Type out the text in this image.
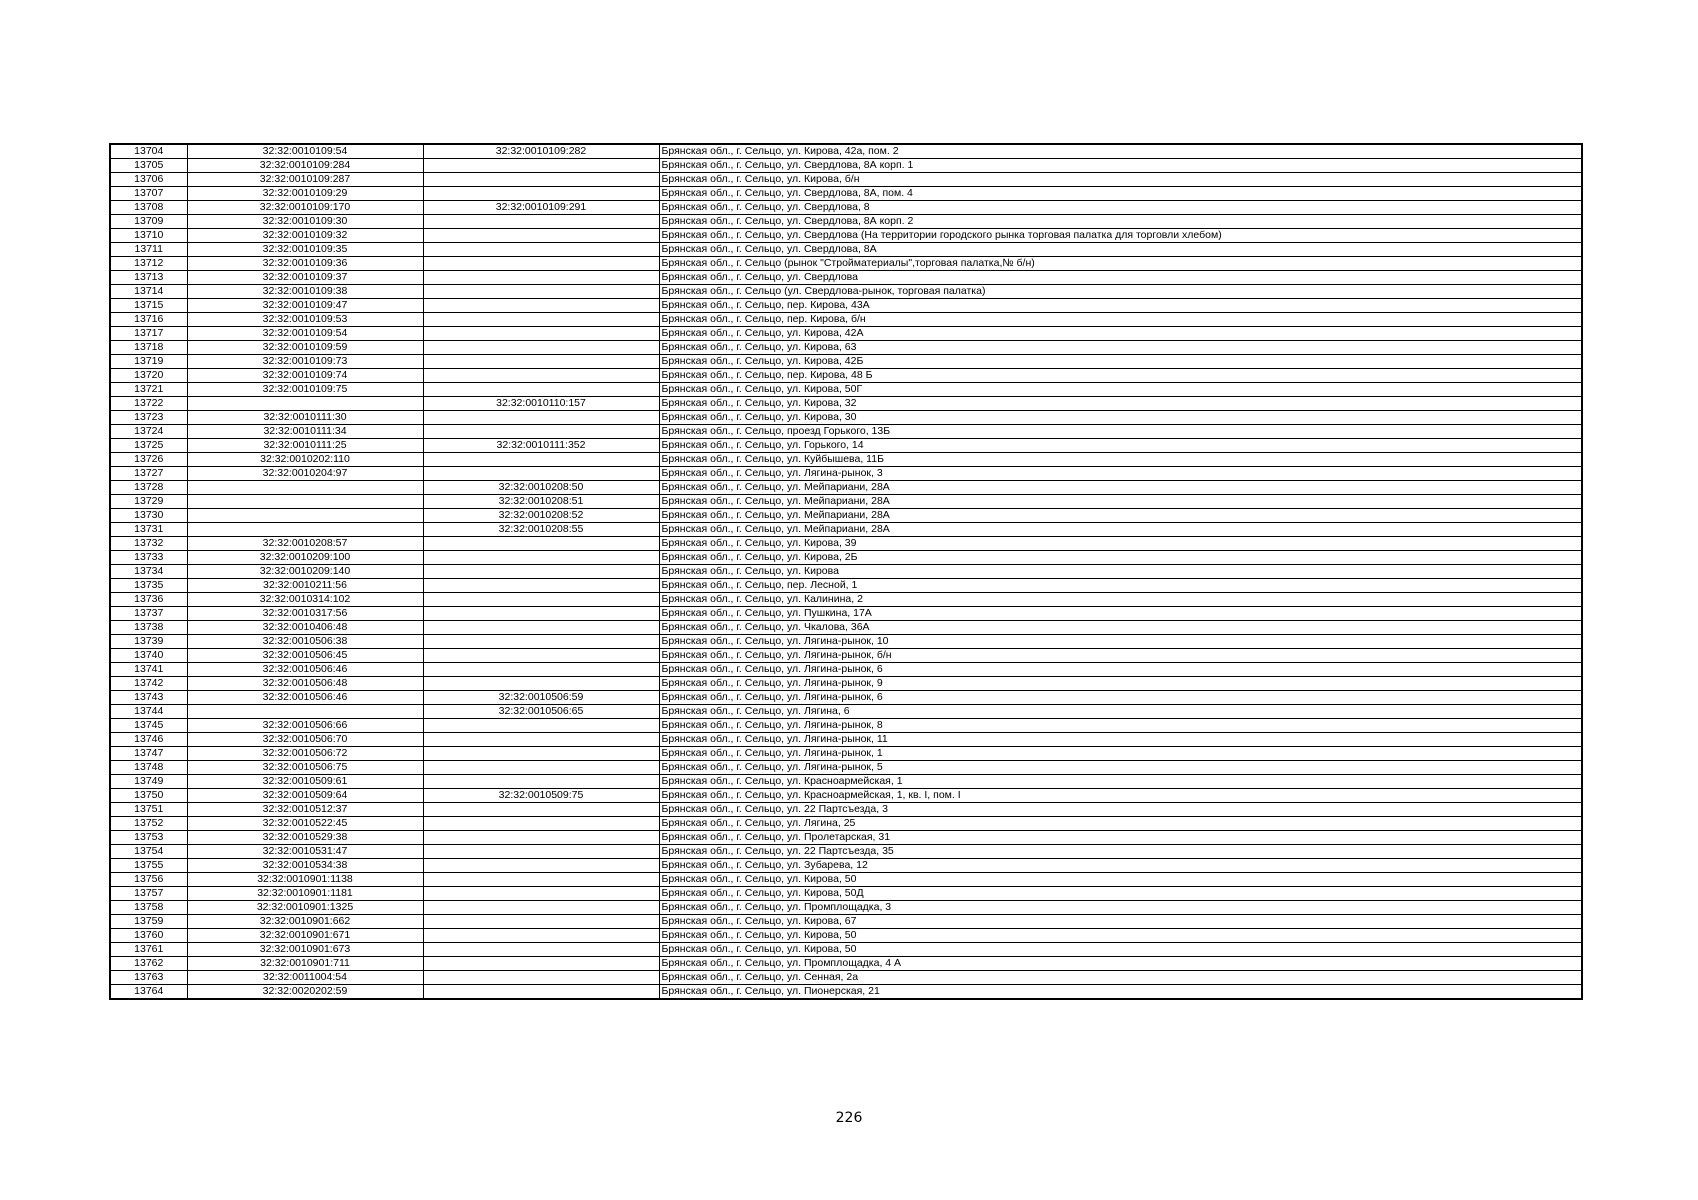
13704	32:32:0010109:54	32:32:0010109:282	Брянская обл., г. Сельцо, ул. Кирова, 42а, пом. 2
13705	32:32:0010109:284		Брянская обл., г. Сельцо, ул. Свердлова, 8А корп. 1
13706	32:32:0010109:287		Брянская обл., г. Сельцо, ул. Кирова, б/н
13707	32:32:0010109:29		Брянская обл., г. Сельцо, ул. Свердлова, 8А, пом. 4
13708	32:32:0010109:170	32:32:0010109:291	Брянская обл., г. Сельцо, ул. Свердлова, 8
13709	32:32:0010109:30		Брянская обл., г. Сельцо, ул. Свердлова, 8А корп. 2
13710	32:32:0010109:32		Брянская обл., г. Сельцо, ул. Свердлова (На территории городского рынка торговая палатка для торговли хлебом)
13711	32:32:0010109:35		Брянская обл., г. Сельцо, ул. Свердлова, 8А
13712	32:32:0010109:36		Брянская обл., г. Сельцо (рынок "Стройматериалы",торговая палатка,№ б/н)
13713	32:32:0010109:37		Брянская обл., г. Сельцо, ул. Свердлова
13714	32:32:0010109:38		Брянская обл., г. Сельцо (ул. Свердлова-рынок, торговая палатка)
13715	32:32:0010109:47		Брянская обл., г. Сельцо, пер. Кирова, 43А
13716	32:32:0010109:53		Брянская обл., г. Сельцо, пер. Кирова, б/н
13717	32:32:0010109:54		Брянская обл., г. Сельцо, ул. Кирова, 42А
13718	32:32:0010109:59		Брянская обл., г. Сельцо, ул. Кирова, 63
13719	32:32:0010109:73		Брянская обл., г. Сельцо, ул. Кирова, 42Б
13720	32:32:0010109:74		Брянская обл., г. Сельцо, пер. Кирова, 48 Б
13721	32:32:0010109:75		Брянская обл., г. Сельцо, ул. Кирова, 50Г
13722		32:32:0010110:157	Брянская обл., г. Сельцо, ул. Кирова, 32
13723	32:32:0010111:30		Брянская обл., г. Сельцо, ул. Кирова, 30
13724	32:32:0010111:34		Брянская обл., г. Сельцо, проезд Горького, 13Б
13725	32:32:0010111:25	32:32:0010111:352	Брянская обл., г. Сельцо, ул. Горького, 14
13726	32:32:0010202:110		Брянская обл., г. Сельцо, ул. Куйбышева, 11Б
13727	32:32:0010204:97		Брянская обл., г. Сельцо, ул. Лягина-рынок, 3
13728		32:32:0010208:50	Брянская обл., г. Сельцо, ул. Мейпариани, 28А
13729		32:32:0010208:51	Брянская обл., г. Сельцо, ул. Мейпариани, 28А
13730		32:32:0010208:52	Брянская обл., г. Сельцо, ул. Мейпариани, 28А
13731		32:32:0010208:55	Брянская обл., г. Сельцо, ул. Мейпариани, 28А
13732	32:32:0010208:57		Брянская обл., г. Сельцо, ул. Кирова, 39
13733	32:32:0010209:100		Брянская обл., г. Сельцо, ул. Кирова, 2Б
13734	32:32:0010209:140		Брянская обл., г. Сельцо, ул. Кирова
13735	32:32:0010211:56		Брянская обл., г. Сельцо, пер. Лесной, 1
13736	32:32:0010314:102		Брянская обл., г. Сельцо, ул. Калинина, 2
13737	32:32:0010317:56		Брянская обл., г. Сельцо, ул. Пушкина, 17А
13738	32:32:0010406:48		Брянская обл., г. Сельцо, ул. Чкалова, 36А
13739	32:32:0010506:38		Брянская обл., г. Сельцо, ул. Лягина-рынок, 10
13740	32:32:0010506:45		Брянская обл., г. Сельцо, ул. Лягина-рынок, б/н
13741	32:32:0010506:46		Брянская обл., г. Сельцо, ул. Лягина-рынок, 6
13742	32:32:0010506:48		Брянская обл., г. Сельцо, ул. Лягина-рынок, 9
13743	32:32:0010506:46	32:32:0010506:59	Брянская обл., г. Сельцо, ул. Лягина-рынок, 6
13744		32:32:0010506:65	Брянская обл., г. Сельцо, ул. Лягина, 6
13745	32:32:0010506:66		Брянская обл., г. Сельцо, ул. Лягина-рынок, 8
13746	32:32:0010506:70		Брянская обл., г. Сельцо, ул. Лягина-рынок, 11
13747	32:32:0010506:72		Брянская обл., г. Сельцо, ул. Лягина-рынок, 1
13748	32:32:0010506:75		Брянская обл., г. Сельцо, ул. Лягина-рынок, 5
13749	32:32:0010509:61		Брянская обл., г. Сельцо, ул. Красноармейская, 1
13750	32:32:0010509:64	32:32:0010509:75	Брянская обл., г. Сельцо, ул. Красноармейская, 1, кв. I, пом. I
13751	32:32:0010512:37		Брянская обл., г. Сельцо, ул. 22 Партсъезда, 3
13752	32:32:0010522:45		Брянская обл., г. Сельцо, ул. Лягина, 25
13753	32:32:0010529:38		Брянская обл., г. Сельцо, ул. Пролетарская, 31
13754	32:32:0010531:47		Брянская обл., г. Сельцо, ул. 22 Партсъезда, 35
13755	32:32:0010534:38		Брянская обл., г. Сельцо, ул. Зубарева, 12
13756	32:32:0010901:1138		Брянская обл., г. Сельцо, ул. Кирова, 50
13757	32:32:0010901:1181		Брянская обл., г. Сельцо, ул. Кирова, 50Д
13758	32:32:0010901:1325		Брянская обл., г. Сельцо, ул. Промплощадка, 3
13759	32:32:0010901:662		Брянская обл., г. Сельцо, ул. Кирова, 67
13760	32:32:0010901:671		Брянская обл., г. Сельцо, ул. Кирова, 50
13761	32:32:0010901:673		Брянская обл., г. Сельцо, ул. Кирова, 50
13762	32:32:0010901:711		Брянская обл., г. Сельцо, ул. Промплощадка, 4 А
13763	32:32:0011004:54		Брянская обл., г. Сельцо, ул. Сенная, 2а
13764	32:32:0020202:59		Брянская обл., г. Сельцо, ул. Пионерская, 21
226
